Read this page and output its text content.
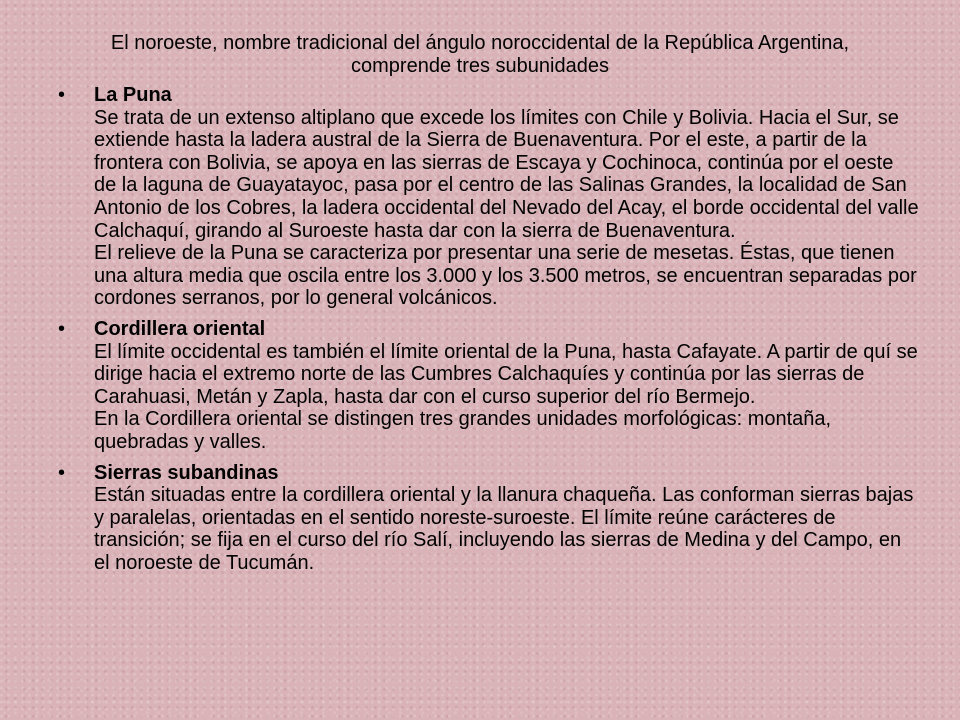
El noroeste, nombre tradicional del ángulo noroccidental de la República Argentina, comprende tres subunidades
• La Puna
Se trata de un extenso altiplano que excede los límites con Chile y Bolivia. Hacia el Sur, se extiende hasta la ladera austral de la Sierra de Buenaventura. Por el este, a partir de la frontera con Bolivia, se apoya en las sierras de Escaya y Cochinoca, continúa por el oeste de la laguna de Guayatayoc, pasa por el centro de las Salinas Grandes, la localidad de San Antonio de los Cobres, la ladera occidental del Nevado del Acay, el borde occidental del valle Calchaquí, girando al Suroeste hasta dar con la sierra de Buenaventura.
El relieve de la Puna se caracteriza por presentar una serie de mesetas. Éstas, que tienen una altura media que oscila entre los 3.000 y los 3.500 metros, se encuentran separadas por cordones serranos, por lo general volcánicos.
• Cordillera oriental
El límite occidental es también el límite oriental de la Puna, hasta Cafayate. A partir de quí se dirige hacia el extremo norte de las Cumbres Calchaquíes y continúa por las sierras de Carahuasi, Metán y Zapla, hasta dar con el curso superior del río Bermejo.
En la Cordillera oriental se distingen tres grandes unidades morfológicas: montaña, quebradas y valles.
• Sierras subandinas
Están situadas entre la cordillera oriental y la llanura chaqueña. Las conforman sierras bajas y paralelas, orientadas en el sentido noreste-suroeste. El límite reúne carácteres de transición; se fija en el curso del río Salí, incluyendo las sierras de Medina y del Campo, en el noroeste de Tucumán.
